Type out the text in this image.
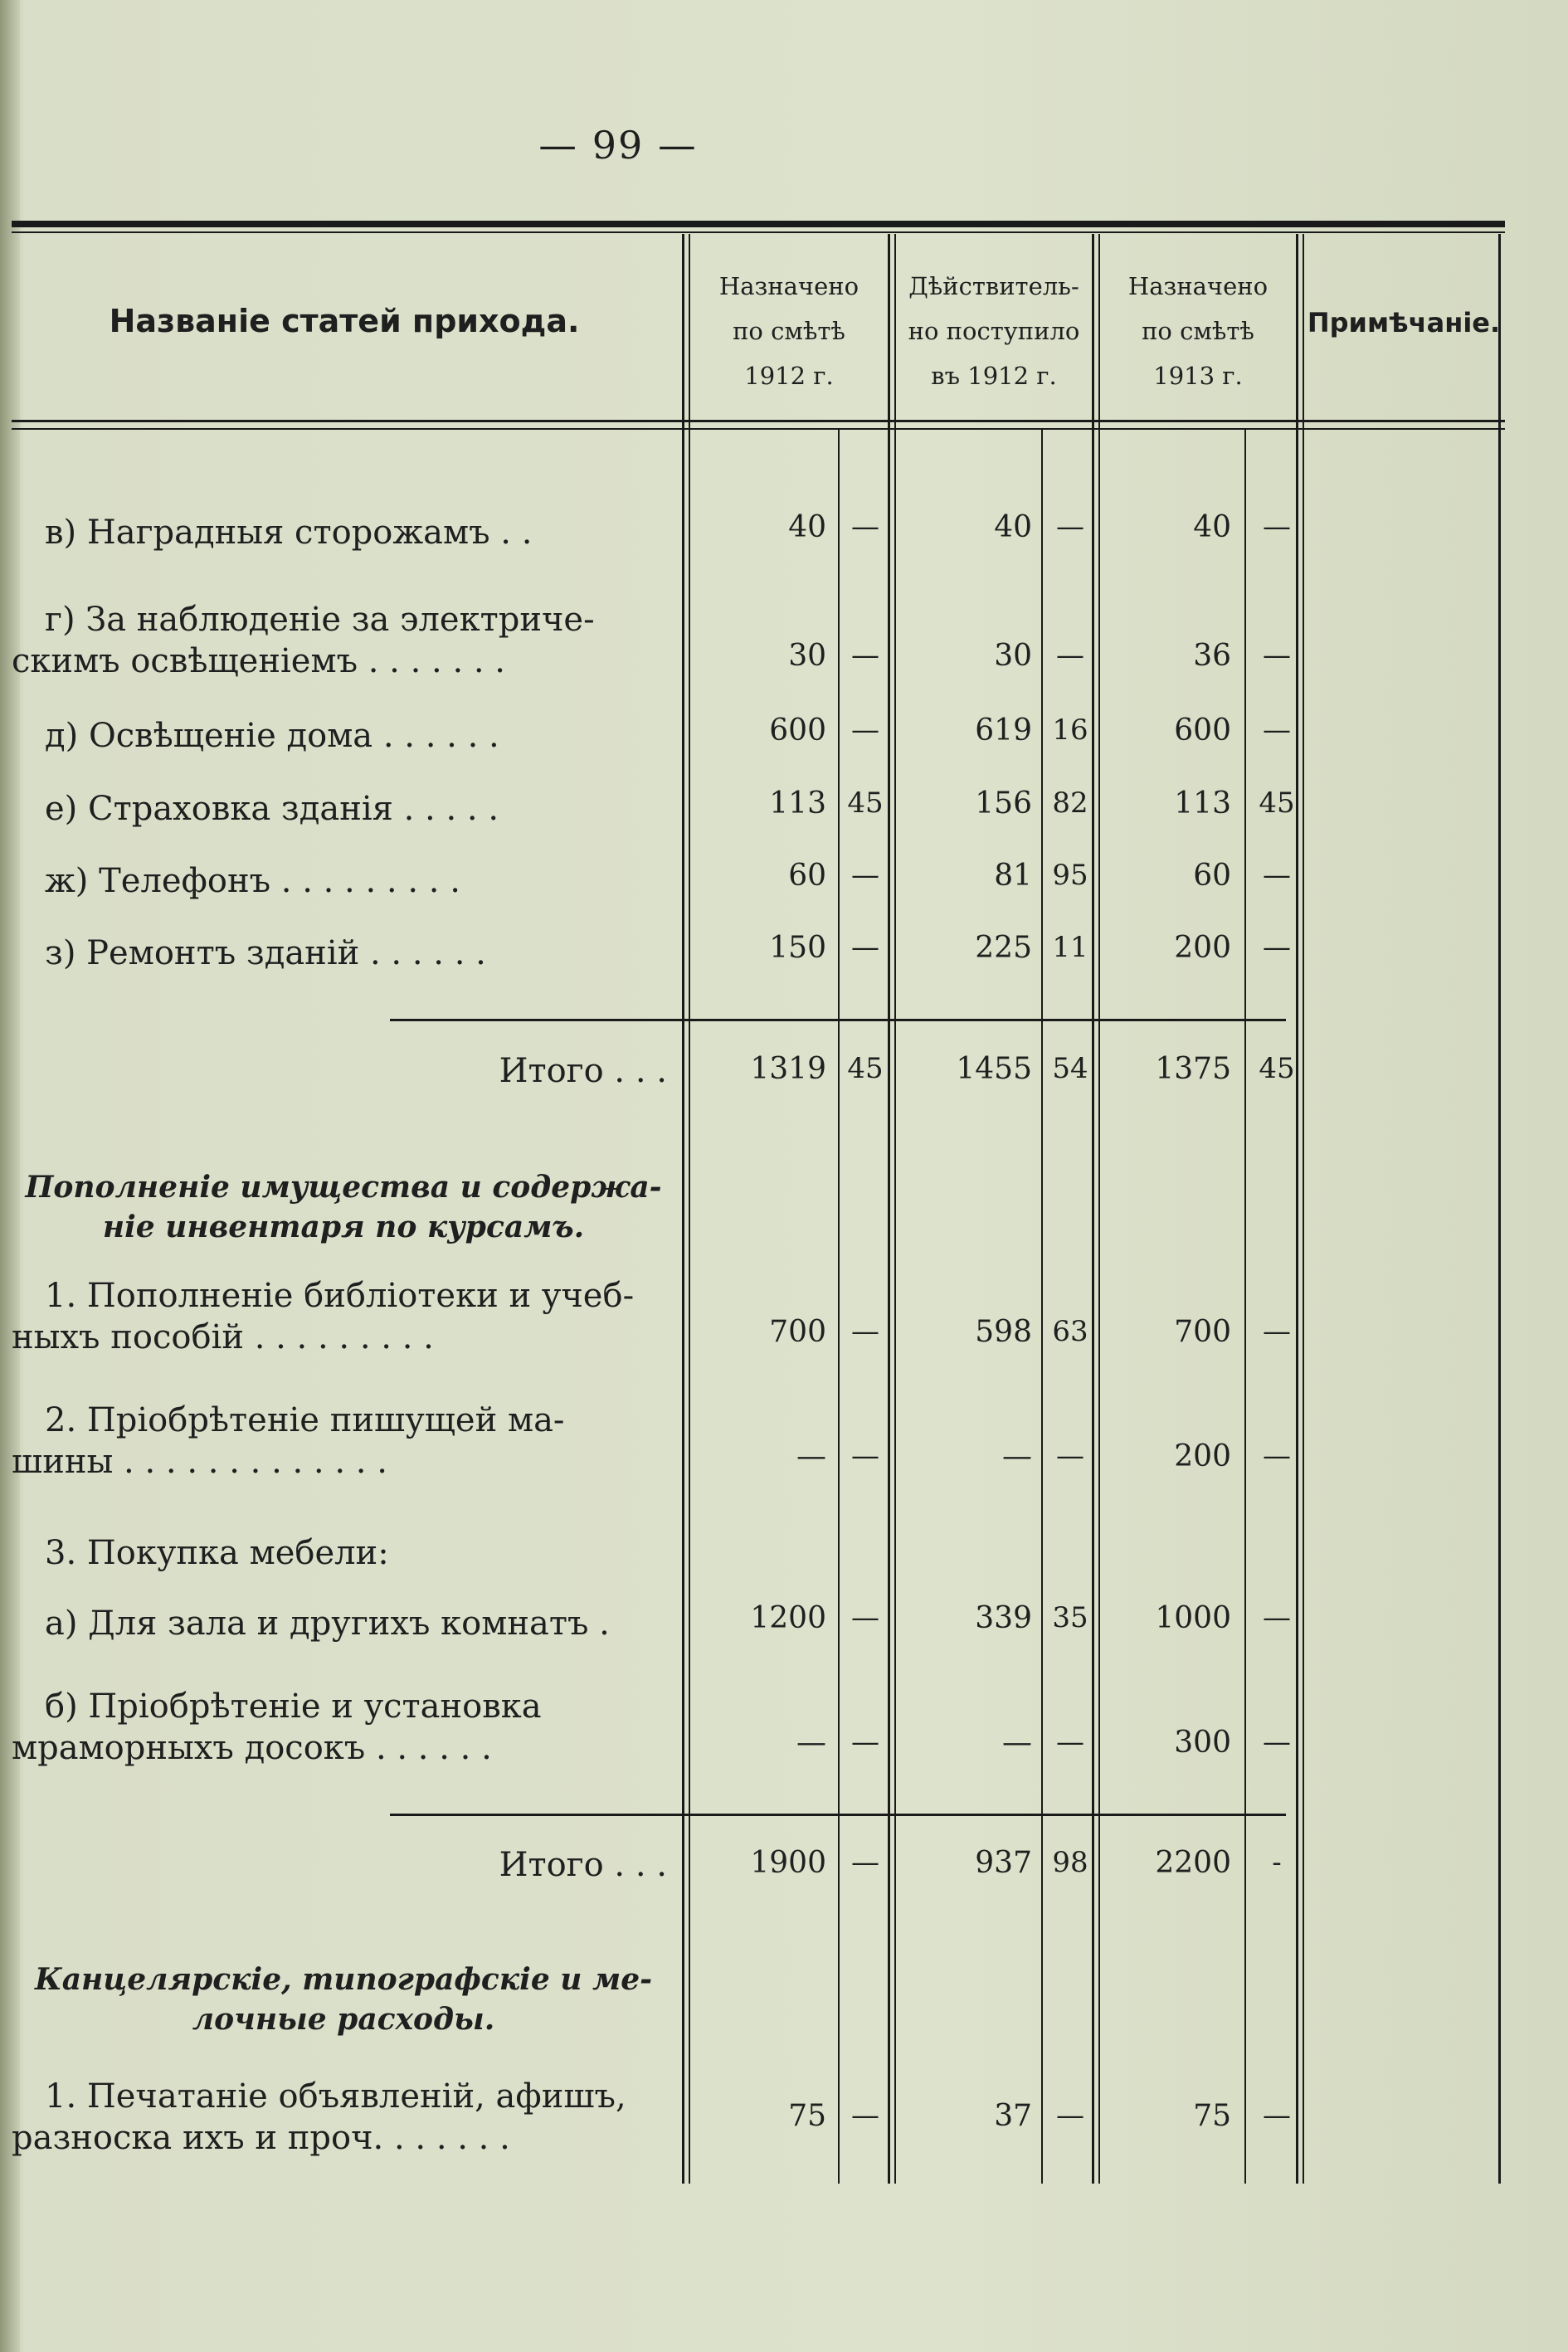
— 99 —
Названіе статей прихода.
Назначено
по смѣтѣ
1912 г.
Дѣйствитель-
но поступило
въ 1912 г.
Назначено
по смѣтѣ
1913 г.
Примѣчаніе.
в) Наградныя сторожамъ . .	40 —	40 —	40	—
г) За наблюденіе за электриче-
скимъ освѣщеніемъ . . . . . . .	30 —	30 —	36	—
д) Освѣщеніе дома . . . . . .	600 —	619 16	600	—
е) Страховка зданія . . . . .	113 45	156 82	113 45
ж) Телефонъ . . . . . . . . .	60 —	81 95	60	—
з) Ремонтъ зданій . . . . . .	150 —	225 11	200	—
Итого . . .	1319 45	1455 54	1375 45
Пополненіе имущества и содержа-
ніе инвентаря по курсамъ.
1. Пополненіе библіотеки и учеб-
ныхъ пособій . . . . . . . . .	700 —	598 63	700	—
2. Пріобрѣтеніе пишущей ма-
шины . . . . . . . . . . . . .	— —	— —	200	—
3. Покупка мебели:
а) Для зала и другихъ комнатъ .	1200 —	339 35	1000	—
б) Пріобрѣтеніе и установка
мраморныхъ досокъ . . . . . .	— —	— —	300	—
Итого . . .	1900 —	937 98	2200	-
Канцелярскіе, типографскіе и ме-
лочные расходы.
1. Печатаніе объявленій, афишъ,
разноска ихъ и проч. . . . . . .
75 —	37 —	75	—
